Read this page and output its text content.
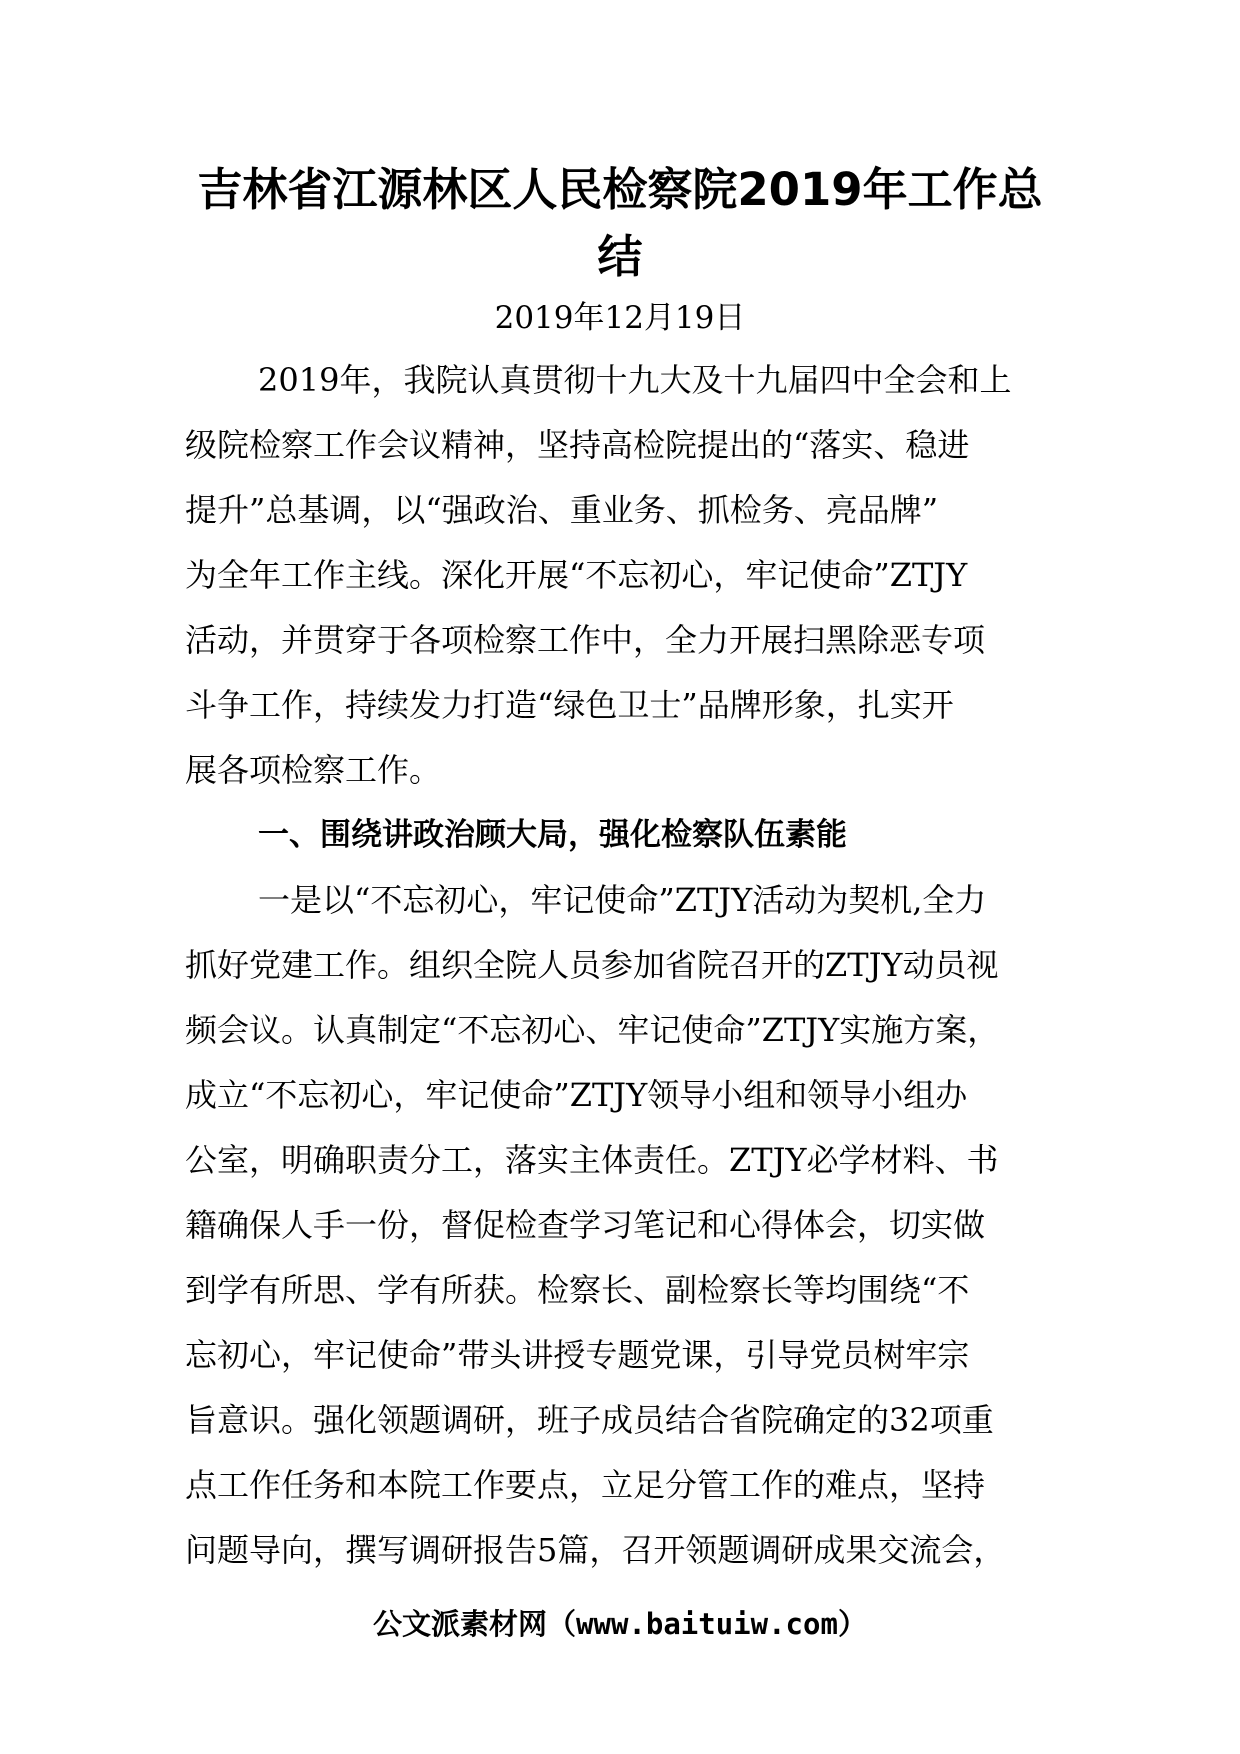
吉林省江源林区人民检察院2019年工作总
结

2019年12月19日

2019年，我院认真贯彻十九大及十九届四中全会和上

级院检察工作会议精神，坚持高检院提出的“落实、稳进

提升”总基调，以“强政治、重业务、抓检务、亮品牌”

为全年工作主线。深化开展“不忘初心，牢记使命”ZTJY

活动，并贯穿于各项检察工作中，全力开展扫黑除恶专项

斗争工作，持续发力打造“绿色卫士”品牌形象，扎实开

展各项检察工作。

一、围绕讲政治顾大局，强化检察队伍素能

一是以“不忘初心，牢记使命”ZTJY活动为契机,全力

抓好党建工作。组织全院人员参加省院召开的ZTJY动员视

频会议。认真制定“不忘初心、牢记使命”ZTJY实施方案，

成立“不忘初心，牢记使命”ZTJY领导小组和领导小组办

公室，明确职责分工，落实主体责任。ZTJY必学材料、书

籍确保人手一份，督促检查学习笔记和心得体会，切实做

到学有所思、学有所获。检察长、副检察长等均围绕“不

忘初心，牢记使命”带头讲授专题党课，引导党员树牢宗

旨意识。强化领题调研，班子成员结合省院确定的32项重

点工作任务和本院工作要点，立足分管工作的难点，坚持

问题导向，撰写调研报告5篇，召开领题调研成果交流会，

公文派素材网（www.baituiw.com）
